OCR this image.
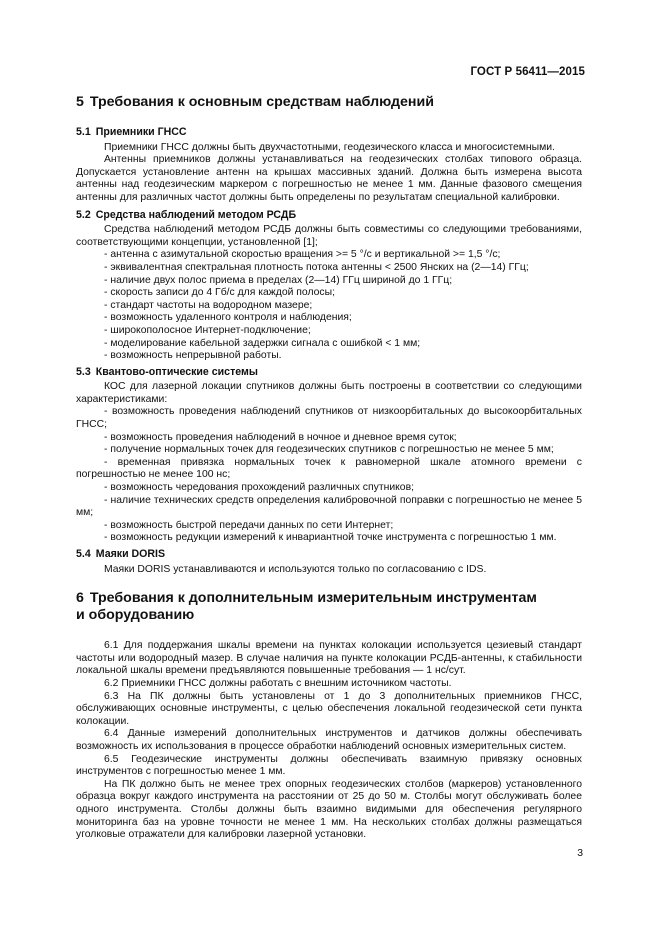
ГОСТ Р 56411—2015
5 Требования к основным средствам наблюдений
5.1 Приемники ГНСС

Приемники ГНСС должны быть двухчастотными, геодезического класса и многосистемными.

Антенны приемников должны устанавливаться на геодезических столбах типового образца. Допускается установление антенн на крышах массивных зданий. Должна быть измерена высота антенны над геодезическим маркером с погрешностью не менее 1 мм. Данные фазового смещения антенны для различных частот должны быть определены по результатам специальной калибровки.

5.2 Средства наблюдений методом РСДБ

Средства наблюдений методом РСДБ должны быть совместимы со следующими требованиями, соответствующими концепции, установленной [1];

- антенна с азимутальной скоростью вращения >= 5 °/с и вертикальной >= 1,5 °/с;
- эквивалентная спектральная плотность потока антенны < 2500 Янских на (2—14) ГГц;
- наличие двух полос приема в пределах (2—14) ГГц шириной до 1 ГГц;
- скорость записи до 4 Гб/с для каждой полосы;
- стандарт частоты на водородном мазере;
- возможность удаленного контроля и наблюдения;
- широкополосное Интернет-подключение;
- моделирование кабельной задержки сигнала с ошибкой < 1 мм;
- возможность непрерывной работы.
5.3 Квантово-оптические системы

КОС для лазерной локации спутников должны быть построены в соответствии со следующими характеристиками:

- возможность проведения наблюдений спутников от низкоорбитальных до высокоорбитальных ГНСС;
- возможность проведения наблюдений в ночное и дневное время суток;
- получение нормальных точек для геодезических спутников с погрешностью не менее 5 мм;
- временная привязка нормальных точек к равномерной шкале атомного времени с погрешностью не менее 100 нс;
- возможность чередования прохождений различных спутников;
- наличие технических средств определения калибровочной поправки с погрешностью не менее 5 мм;
- возможность быстрой передачи данных по сети Интернет;
- возможность редукции измерений к инвариантной точке инструмента с погрешностью 1 мм.
5.4 Маяки DORIS

Маяки DORIS устанавливаются и используются только по согласованию с IDS.

6 Требования к дополнительным измерительным инструментам
и оборудованию

6.1 Для поддержания шкалы времени на пунктах колокации используется цезиевый стандарт частоты или водородный мазер. В случае наличия на пункте колокации РСДБ-антенны, к стабильности локальной шкалы времени предъявляются повышенные требования — 1 нс/сут.

6.2 Приемники ГНСС должны работать с внешним источником частоты.

6.3 На ПК должны быть установлены от 1 до 3 дополнительных приемников ГНСС, обслуживающих основные инструменты, с целью обеспечения локальной геодезической сети пункта колокации.

6.4 Данные измерений дополнительных инструментов и датчиков должны обеспечивать возможность их использования в процессе обработки наблюдений основных измерительных систем.

6.5 Геодезические инструменты должны обеспечивать взаимную привязку основных инструментов с погрешностью менее 1 мм.

На ПК должно быть не менее трех опорных геодезических столбов (маркеров) установленного образца вокруг каждого инструмента на расстоянии от 25 до 50 м. Столбы могут обслуживать более одного инструмента. Столбы должны быть взаимно видимыми для обеспечения регулярного мониторинга баз на уровне точности не менее 1 мм. На нескольких столбах должны размещаться уголковые отражатели для калибровки лазерной установки.

3
